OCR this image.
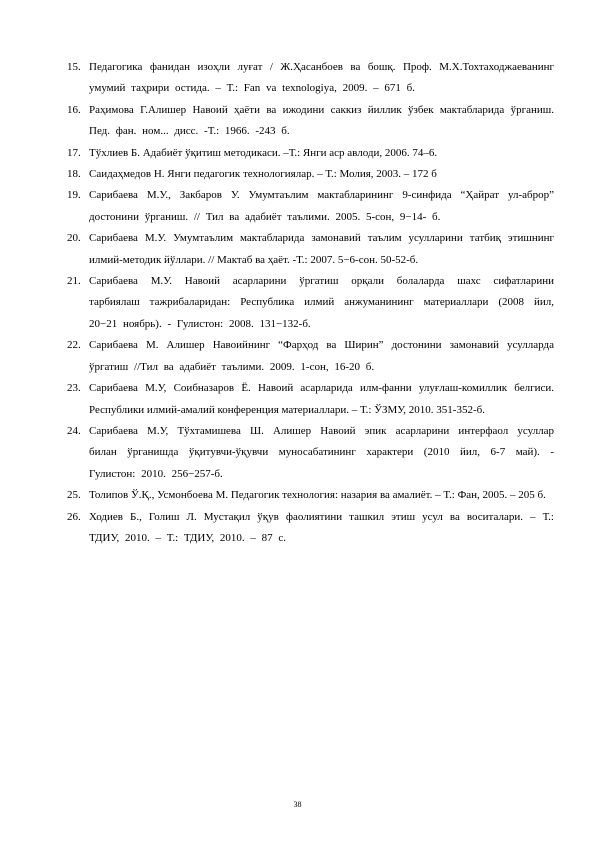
15. Педагогика фанидан изоҳли луғат / Ж.Ҳасанбоев ва бошқ. Проф. М.Х.Тохтаходжаеванинг умумий таҳрири остида. – Т.: Fan va texnologiya, 2009. – 671 б.
16. Раҳимова Г.Алишер Навоий ҳаёти ва ижодини саккиз йиллик ўзбек мактабларида ўрганиш. Пед. фан. ном... дисс. -Т.: 1966. -243 б.
17. Тўхлиев Б. Адабиёт ўқитиш методикаси. –Т.: Янги аср авлоди, 2006. 74–6.
18. Саидаҳмедов Н. Янги педагогик технологиялар. – Т.: Молия, 2003. – 172 б
19. Сарибаева М.У., Закбаров У. Умумтаълим мактабларининг 9-синфида “Ҳайрат ул-аброр” достонини ўрганиш. // Тил ва адабиёт таълими. 2005. 5-сон, 9−14- б.
20. Сарибаева М.У. Умумтаълим мактабларида замонавий таълим усулларини татбиқ этишнинг илмий-методик йўллари. // Мактаб ва ҳаёт. -Т.: 2007. 5−6-сон. 50-52-б.
21. Сарибаева М.У. Навоий асарларини ўргатиш орқали болаларда шахс сифатларини тарбиялаш тажрибаларидан: Республика илмий анжуманининг материаллари (2008 йил, 20−21 ноябрь). - Гулистон: 2008. 131−132-б.
22. Сарибаева М. Алишер Навоийнинг “Фарҳод ва Ширин” достонини замонавий усулларда ўргатиш //Тил ва адабиёт таълими. 2009. 1-сон, 16-20 б.
23. Сарибаева М.У, Соибназаров Ё. Навоий асарларида илм-фанни улуғлаш-комиллик белгиси. Республики илмий-амалий конференция материаллари. – Т.: ЎЗМУ, 2010. 351-352-б.
24. Сарибаева М.У, Тўхтамишева Ш. Алишер Навоий эпик асарларини интерфаол усуллар билан ўрганишда ўқитувчи-ўқувчи муносабатининг характери (2010 йил, 6-7 май). - Гулистон: 2010. 256−257-б.
25. Толипов Ў.Қ., Усмонбоева М. Педагогик технология: назария ва амалиёт. – Т.: Фан, 2005. – 205 б.
26. Ходиев Б., Голиш Л. Мустақил ўқув фаолиятини ташкил этиш усул ва воситалари. – Т.: ТДИУ, 2010. – Т.: ТДИУ, 2010. – 87 с.
38
